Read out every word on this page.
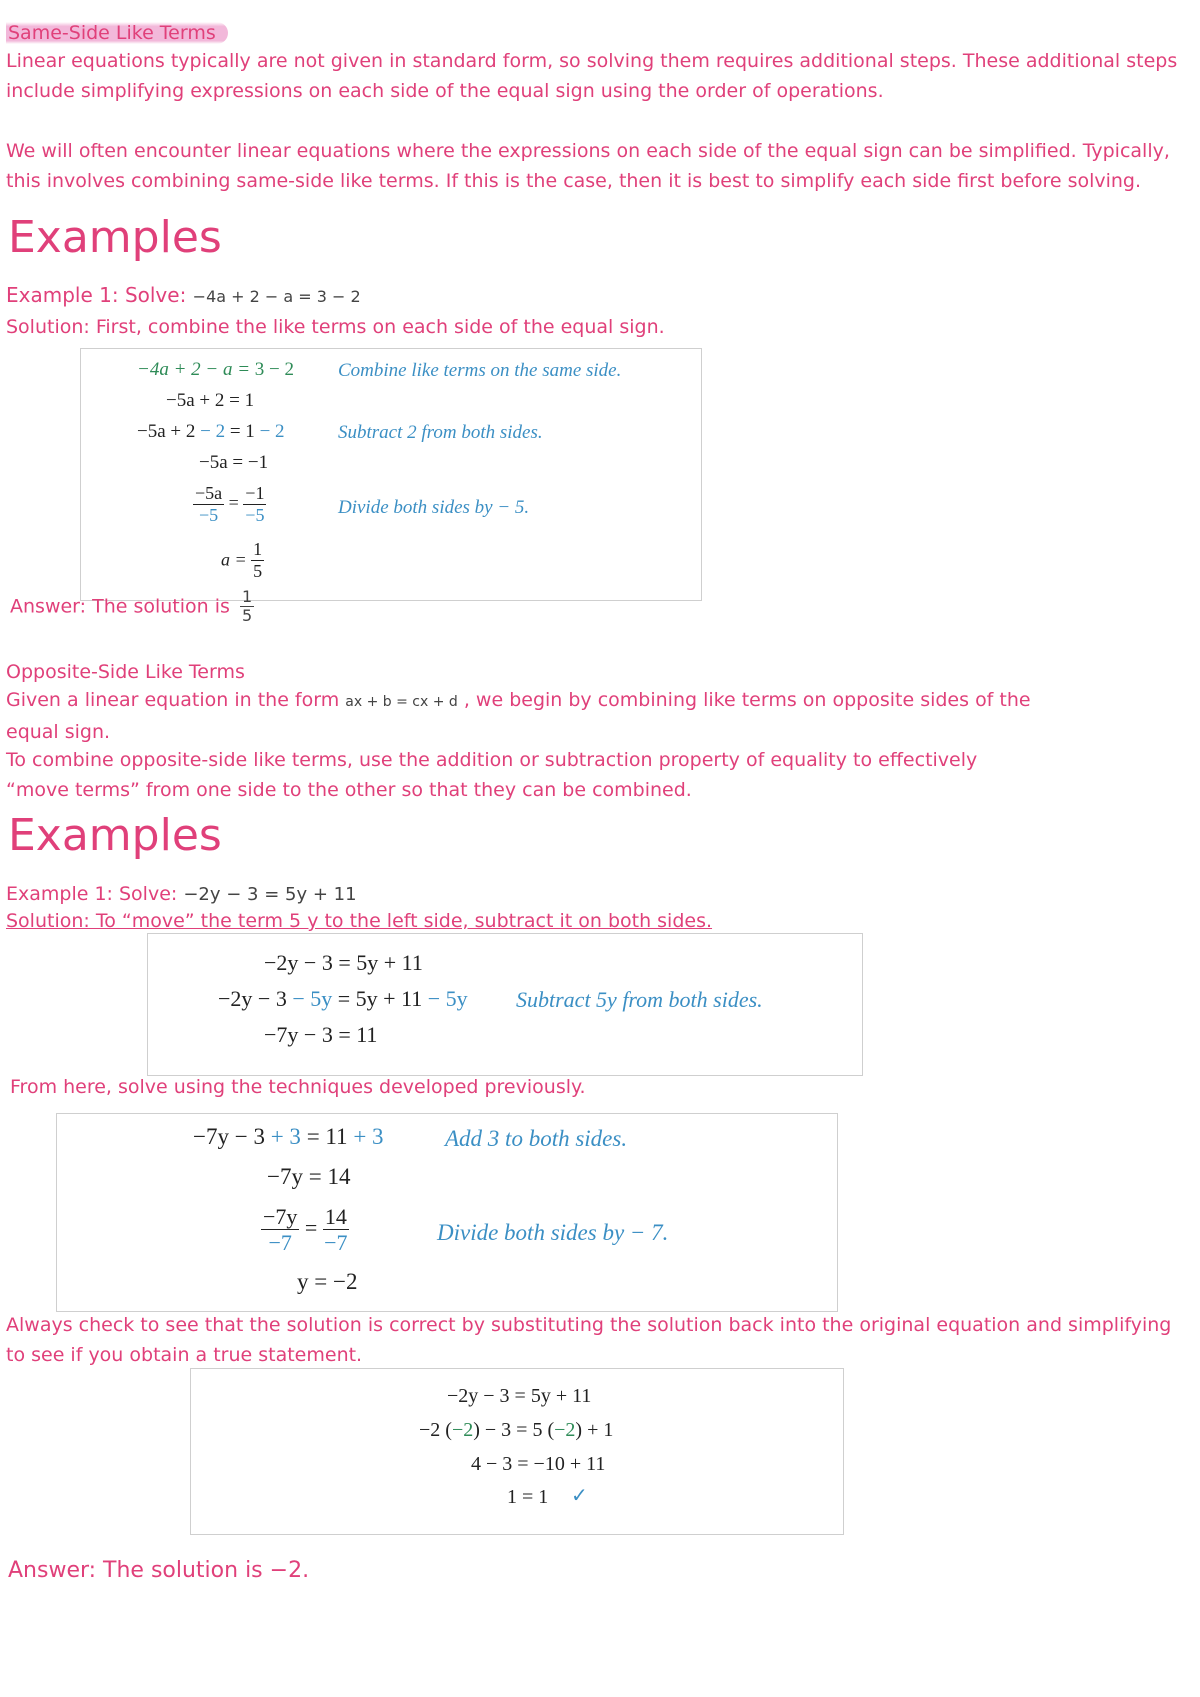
Same-Side Like Terms

Linear equations typically are not given in standard form, so solving them requires additional steps. These additional steps include simplifying expressions on each side of the equal sign using the order of operations.

We will often encounter linear equations where the expressions on each side of the equal sign can be simplified. Typically, this involves combining same-side like terms. If this is the case, then it is best to simplify each side first before solving.

Examples
Example 1: Solve: −4a + 2 − a = 3 − 2
Solution: First, combine the like terms on each side of the equal sign.
−4a + 2 − a = 3 − 2
−5a + 2 = 1
−5a + 2 − 2 = 1 − 2
−5a = −1
$\frac{-5a}{-5} = \frac{-1}{-5}$
$a = \frac{1}{5}$
Combine like terms on the same side.
Subtract 2 from both sides.
Divide both sides by − 5.
Answer: The solution is $\frac{1}{5}$
Opposite-Side Like Terms
Given a linear equation in the form ax + b = cx + d , we begin by combining like terms on opposite sides of the equal sign.

To combine opposite-side like terms, use the addition or subtraction property of equality to effectively “move terms” from one side to the other so that they can be combined.

Examples
Example 1: Solve: −2y − 3 = 5y + 11
Solution: To “move” the term 5 y to the left side, subtract it on both sides.
−2y − 3 = 5y + 11
−2y − 3 − 5y = 5y + 11 − 5y
−7y − 3 = 11
Subtract 5y from both sides.
From here, solve using the techniques developed previously.
−7y − 3 + 3 = 11 + 3
−7y = 14
$\frac{-7y}{-7} = \frac{14}{-7}$
y = −2
Add 3 to both sides.
Divide both sides by − 7.

Always check to see that the solution is correct by substituting the solution back into the original equation and simplifying to see if you obtain a true statement.

−2y − 3 = 5y + 11
−2 (−2) − 3 = 5 (−2) + 1
4 − 3 = −10 + 11
1 = 1 ✓
Answer: The solution is −2.
